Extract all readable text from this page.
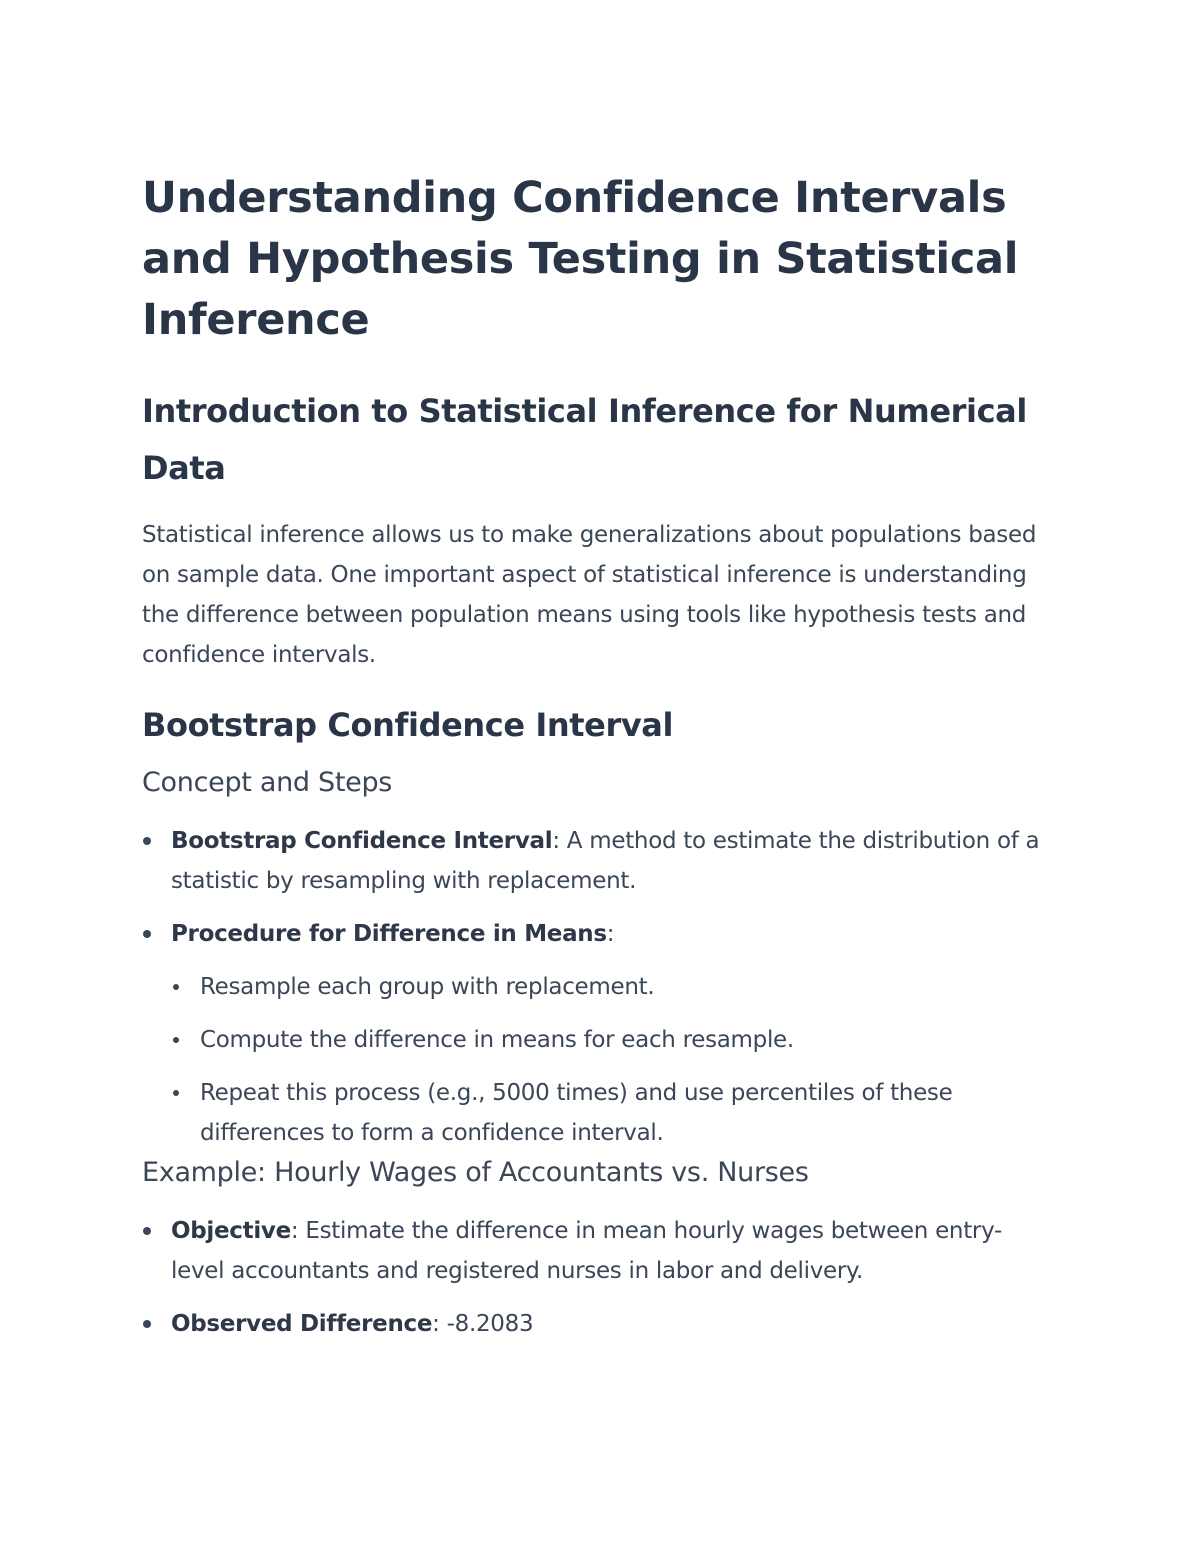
Understanding Confidence Intervals and Hypothesis Testing in Statistical Inference
Introduction to Statistical Inference for Numerical Data

Statistical inference allows us to make generalizations about populations based on sample data. One important aspect of statistical inference is understanding the difference between population means using tools like hypothesis tests and confidence intervals.

Bootstrap Confidence Interval
Concept and Steps
Bootstrap Confidence Interval: A method to estimate the distribution of a statistic by resampling with replacement.
Procedure for Difference in Means:
Resample each group with replacement.
Compute the difference in means for each resample.
Repeat this process (e.g., 5000 times) and use percentiles of these differences to form a confidence interval.
Example: Hourly Wages of Accountants vs. Nurses
Objective: Estimate the difference in mean hourly wages between entry-level accountants and registered nurses in labor and delivery.
Observed Difference: -8.2083
